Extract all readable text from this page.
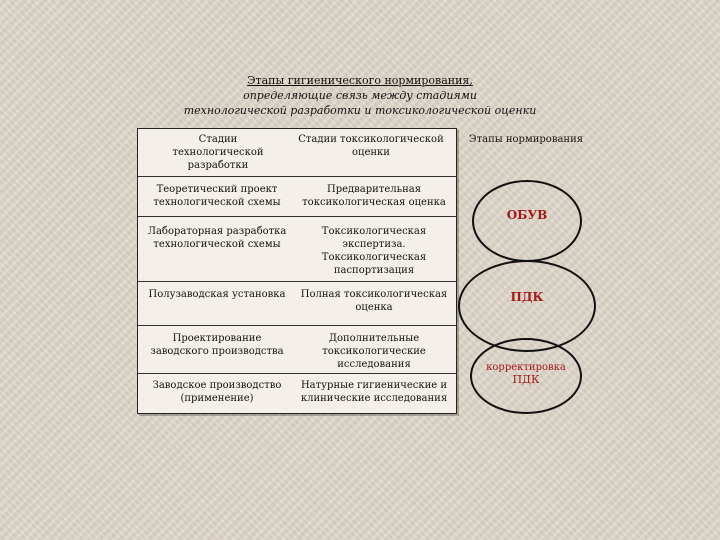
Этапы гигиенического нормирования,
определяющие связь между стадиями
технологической разработки и токсикологической оценки
Стадии технологической разработки
Стадии токсикологической оценки
Теоретический проект технологической схемы
Предварительная токсикологическая оценка
Лабораторная разработка технологической схемы
Токсикологическая экспертиза. Токсикологическая паспортизация
Полузаводская установка	Полная токсикологическая оценка
Проектирование заводского производства
Дополнительные токсикологические исследования
Заводское производство (применение)
Натурные гигиенические и клинические исследования
Этапы нормирования
ОБУВ
ПДК
корректировка
ПДК
